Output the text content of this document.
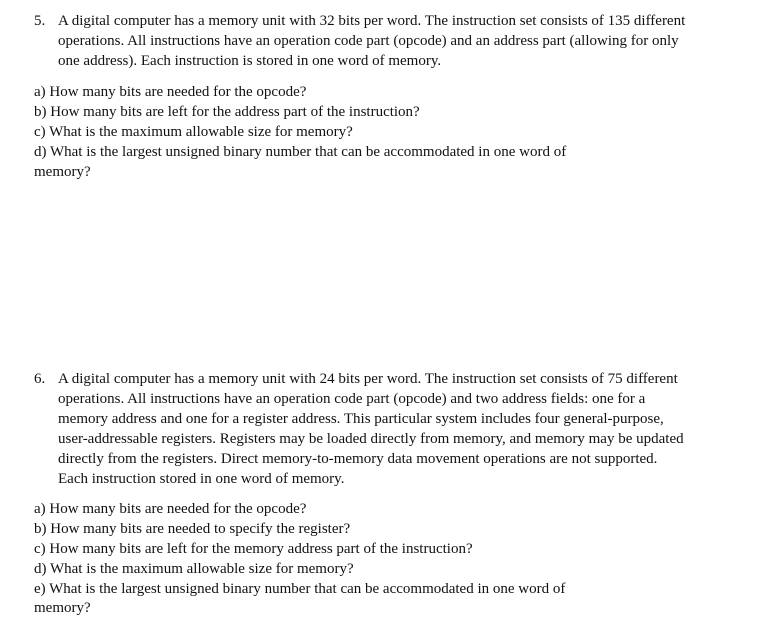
5. A digital computer has a memory unit with 32 bits per word. The instruction set consists of 135 different
operations. All instructions have an operation code part (opcode) and an address part (allowing for only
one address). Each instruction is stored in one word of memory.
a) How many bits are needed for the opcode?
b) How many bits are left for the address part of the instruction?
c) What is the maximum allowable size for memory?
d) What is the largest unsigned binary number that can be accommodated in one word of
memory?
6. A digital computer has a memory unit with 24 bits per word. The instruction set consists of 75 different
operations. All instructions have an operation code part (opcode) and two address fields: one for a
memory address and one for a register address. This particular system includes four general-purpose,
user-addressable registers. Registers may be loaded directly from memory, and memory may be updated
directly from the registers. Direct memory-to-memory data movement operations are not supported.
Each instruction stored in one word of memory.
a) How many bits are needed for the opcode?
b) How many bits are needed to specify the register?
c) How many bits are left for the memory address part of the instruction?
d) What is the maximum allowable size for memory?
e) What is the largest unsigned binary number that can be accommodated in one word of
memory?
